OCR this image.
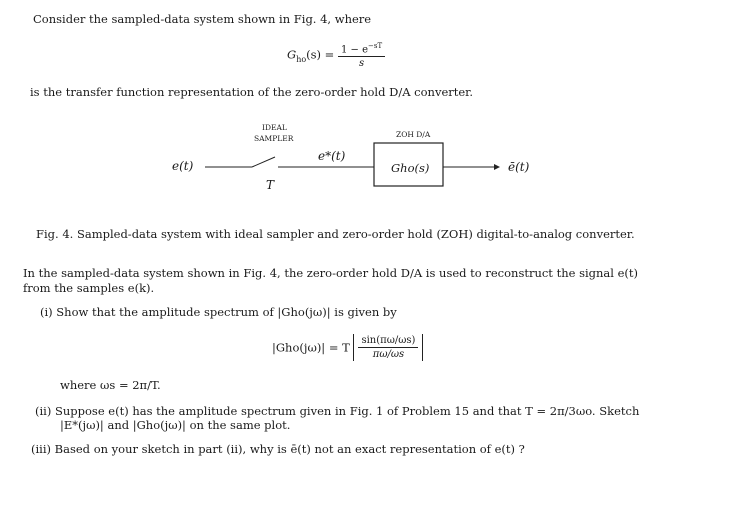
Consider the sampled-data system shown in Fig. 4, where
$G_{ho}(s) = \frac{1 - e^{-sT}}{s}$
is the transfer function representation of the zero-order hold D/A converter.
IDEAL
SAMPLER	ZOH D/A
e(t)
T
e*(t)
Gho(s)	ē(t)
Fig. 4. Sampled-data system with ideal sampler and zero-order hold (ZOH) digital-to-analog converter.
In the sampled-data system shown in Fig. 4, the zero-order hold D/A is used to reconstruct the signal e(t)
from the samples e(k).
(i) Show that the amplitude spectrum of |Gho(jω)| is given by
|Gho(jω)| = T $\frac{\sin(\pi\omega/\omega s)}{\pi\omega/\omega s}$
where ωs = 2π/T.
(ii) Suppose e(t) has the amplitude spectrum given in Fig. 1 of Problem 15 and that T = 2π/3ωo. Sketch
|E*(jω)| and |Gho(jω)| on the same plot.
(iii) Based on your sketch in part (ii), why is ē(t) not an exact representation of e(t) ?
